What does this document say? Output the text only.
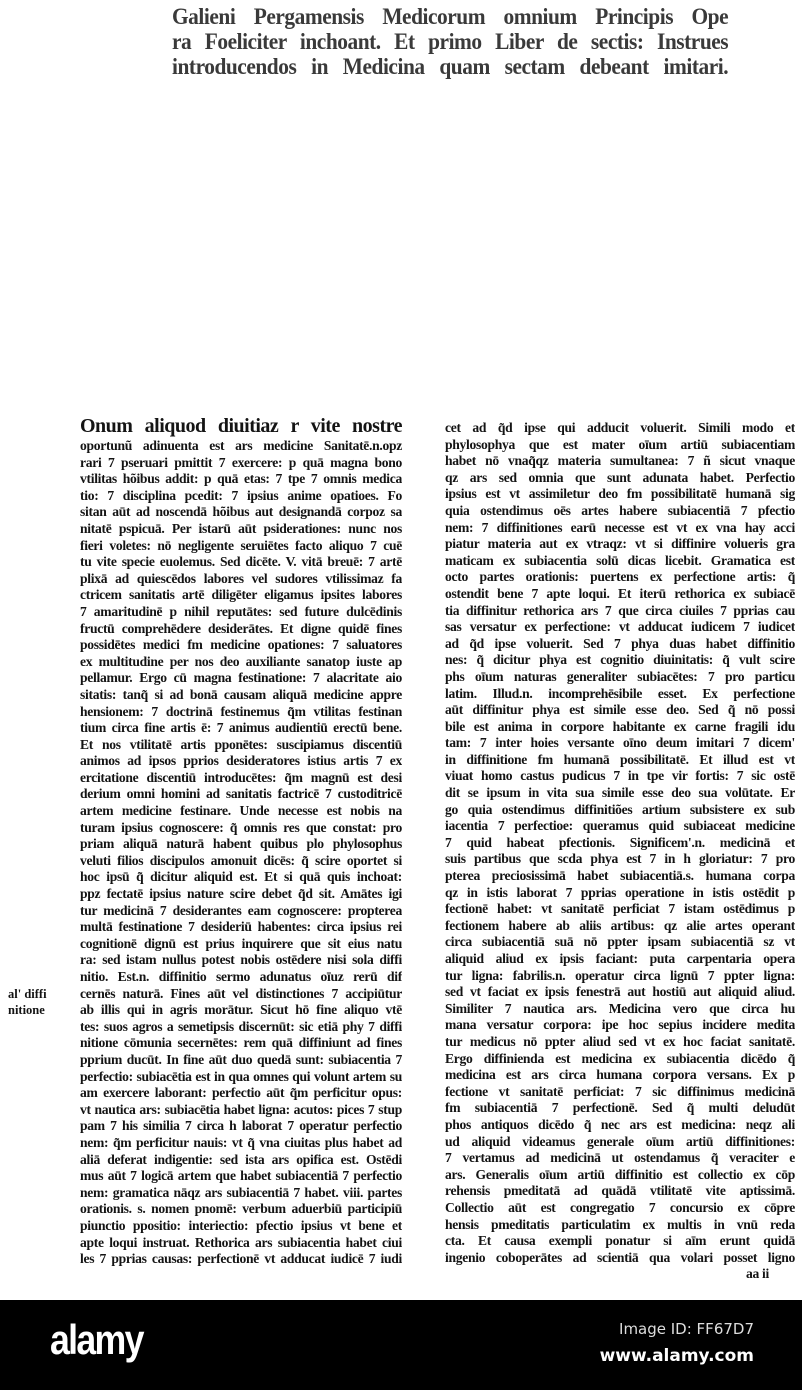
Galieni Pergamensis Medicorum omnium Principis Ope
ra Foeliciter inchoant. Et primo Liber de sectis: Instrues
introducendos in Medicina quam sectam debeant imitari.
Onum aliquod diuitiaz r vite nostre
oportunũ adinuenta est ars medicine Sanitatē.n.opz
rari 7 pseruari pmittit 7 exercere: p quā magna bono
vtilitas hõibus addit: p quā etas: 7 tpe 7 omnis medica
tio: 7 disciplina pcedit: 7 ipsius anime opatioes. Fo
sitan aūt ad noscendā hõibus aut designandā corpoz sa
nitatē pspicuā. Per istarū aūt psiderationes: nunc nos
fieri voletes: nō negligente seruiētes facto aliquo 7 cuē
tu vite specie euolemus. Sed dicēte. V. vitā breuē: 7 artē
plixā ad quiescēdos labores vel sudores vtilissimaz fa
ctricem sanitatis artē diligēter eligamus ipsites labores
7 amaritudinē p nihil reputātes: sed future dulcēdinis
fructū comprehēdere desiderātes. Et digne quidē fines
possidētes medici fm medicine opationes: 7 saluatores
ex multitudine per nos deo auxiliante sanatop iuste ap
pellamur. Ergo cū magna festinatione: 7 alacritate aio
sitatis: tanq̃ si ad bonā causam aliquā medicine appre
hensionem: 7 doctrinā festinemus q̃m vtilitas festinan
tium circa fine artis ē: 7 animus audientiū erectū bene.
Et nos vtilitatē artis pponētes: suscipiamus discentiū
animos ad ipsos pprios desideratores istius artis 7 ex
ercitatione discentiū introducētes: q̃m magnū est desi
derium omni homini ad sanitatis factricē 7 custoditricē
artem medicine festinare. Unde necesse est nobis na
turam ipsius cognoscere: q̃ omnis res que constat: pro
priam aliquā naturā habent quibus plo phylosophus
veluti filios discipulos amonuit dicēs: q̃ scire oportet si
hoc ipsū q̃ dicitur aliquid est. Et si quā quis inchoat:
ppz fectatē ipsius nature scire debet q̃d sit. Amātes igi
tur medicinā 7 desiderantes eam cognoscere: propterea
multā festinatione 7 desideriū habentes: circa ipsius rei
cognitionē dignū est prius inquirere que sit eius natu
ra: sed istam nullus potest nobis ostēdere nisi sola diffi
nitio. Est.n. diffinitio sermo adunatus oīuz rerū dif
cernēs naturā. Fines aūt vel distinctiones 7 accipiūtur
ab illis qui in agris morātur. Sicut hō fine aliquo vtē
tes: suos agros a semetipsis discernūt: sic etiā phy 7 diffi
nitione cōmunia secernētes: rem quā diffiniunt ad fines
pprium ducūt. In fine aūt duo quedā sunt: subiacentia 7
perfectio: subiacētia est in qua omnes qui volunt artem su
am exercere laborant: perfectio aūt q̃m perficitur opus:
vt nautica ars: subiacētia habet ligna: acutos: pices 7 stup
pam 7 his similia 7 circa h laborat 7 operatur perfectio
nem: q̃m perficitur nauis: vt q̃ vna ciuitas plus habet ad
aliā deferat indigentie: sed ista ars opifica est. Ostēdi
mus aūt 7 logicā artem que habet subiacentiā 7 perfectio
nem: gramatica nāqz ars subiacentiā 7 habet. viii. partes
orationis. s. nomen pnomē: verbum aduerbiū participiū
piunctio ppositio: interiectio: pfectio ipsius vt bene et
apte loqui instruat. Rethorica ars subiacentia habet ciui
les 7 pprias causas: perfectionē vt adducat iudicē 7 iudi
al' diffi
nitione
cet ad q̃d ipse qui adducit voluerit. Simili modo et
phylosophya que est mater oīum artiū subiacentiam
habet nō vnaq̃qz materia sumultanea: 7 ñ sicut vnaque
qz ars sed omnia que sunt adunata habet. Perfectio
ipsius est vt assimiletur deo fm possibilitatē humanā sig
quia ostendimus oēs artes habere subiacentiā 7 pfectio
nem: 7 diffinitiones earū necesse est vt ex vna hay acci
piatur materia aut ex vtraqz: vt si diffinire volueris gra
maticam ex subiacentia solū dicas licebit. Gramatica est
octo partes orationis: puertens ex perfectione artis: q̃
ostendit bene 7 apte loqui. Et iterū rethorica ex subiacē
tia diffinitur rethorica ars 7 que circa ciuiles 7 pprias cau
sas versatur ex perfectione: vt adducat iudicem 7 iudicet
ad q̃d ipse voluerit. Sed 7 phya duas habet diffinitio
nes: q̃ dicitur phya est cognitio diuinitatis: q̃ vult scire
phs oīum naturas generaliter subiacētes: 7 pro particu
latim. Illud.n. incomprehēsibile esset. Ex perfectione
aūt diffinitur phya est simile esse deo. Sed q̃ nō possi
bile est anima in corpore habitante ex carne fragili idu
tam: 7 inter hoies versante oīno deum imitari 7 dicem'
in diffinitione fm humanā possibilitatē. Et illud est vt
viuat homo castus pudicus 7 in tpe vir fortis: 7 sic ostē
dit se ipsum in vita sua simile esse deo sua volūtate. Er
go quia ostendimus diffinitiões artium subsistere ex sub
iacentia 7 perfectioe: queramus quid subiaceat medicine
7 quid habeat pfectionis. Significem'.n. medicinā et
suis partibus que scda phya est 7 in h gloriatur: 7 pro
pterea preciosissimā habet subiacentiā.s. humana corpa
qz in istis laborat 7 pprias operatione in istis ostēdit p
fectionē habet: vt sanitatē perficiat 7 istam ostēdimus p
fectionem habere ab aliis artibus: qz alie artes operant
circa subiacentiā suā nō ppter ipsam subiacentiā sz vt
aliquid aliud ex ipsis faciant: puta carpentaria opera
tur ligna: fabrilis.n. operatur circa lignū 7 ppter ligna:
sed vt faciat ex ipsis fenestrā aut hostiū aut aliquid aliud.
Similiter 7 nautica ars. Medicina vero que circa hu
mana versatur corpora: ipe hoc sepius incidere medita
tur medicus nō ppter aliud sed vt ex hoc faciat sanitatē.
Ergo diffinienda est medicina ex subiacentia dicēdo q̃
medicina est ars circa humana corpora versans. Ex p
fectione vt sanitatē perficiat: 7 sic diffinimus medicinā
fm subiacentiā 7 perfectionē. Sed q̃ multi deludūt
phos antiquos dicēdo q̃ nec ars est medicina: neqz ali
ud aliquid videamus generale oīum artiū diffinitiones:
7 vertamus ad medicinā ut ostendamus q̃ veraciter e
ars. Generalis oīum artiū diffinitio est collectio ex cōp
rehensis pmeditatā ad quādā vtilitatē vite aptissimā.
Collectio aūt est congregatio 7 concursio ex cōpre
hensis pmeditatis particulatim ex multis in vnū reda
cta. Et causa exempli ponatur si aīm erunt quidā
ingenio coboperātes ad scientiā qua volari posset ligno
aa ii
alamy	Image ID: FF67D7
www.alamy.com
